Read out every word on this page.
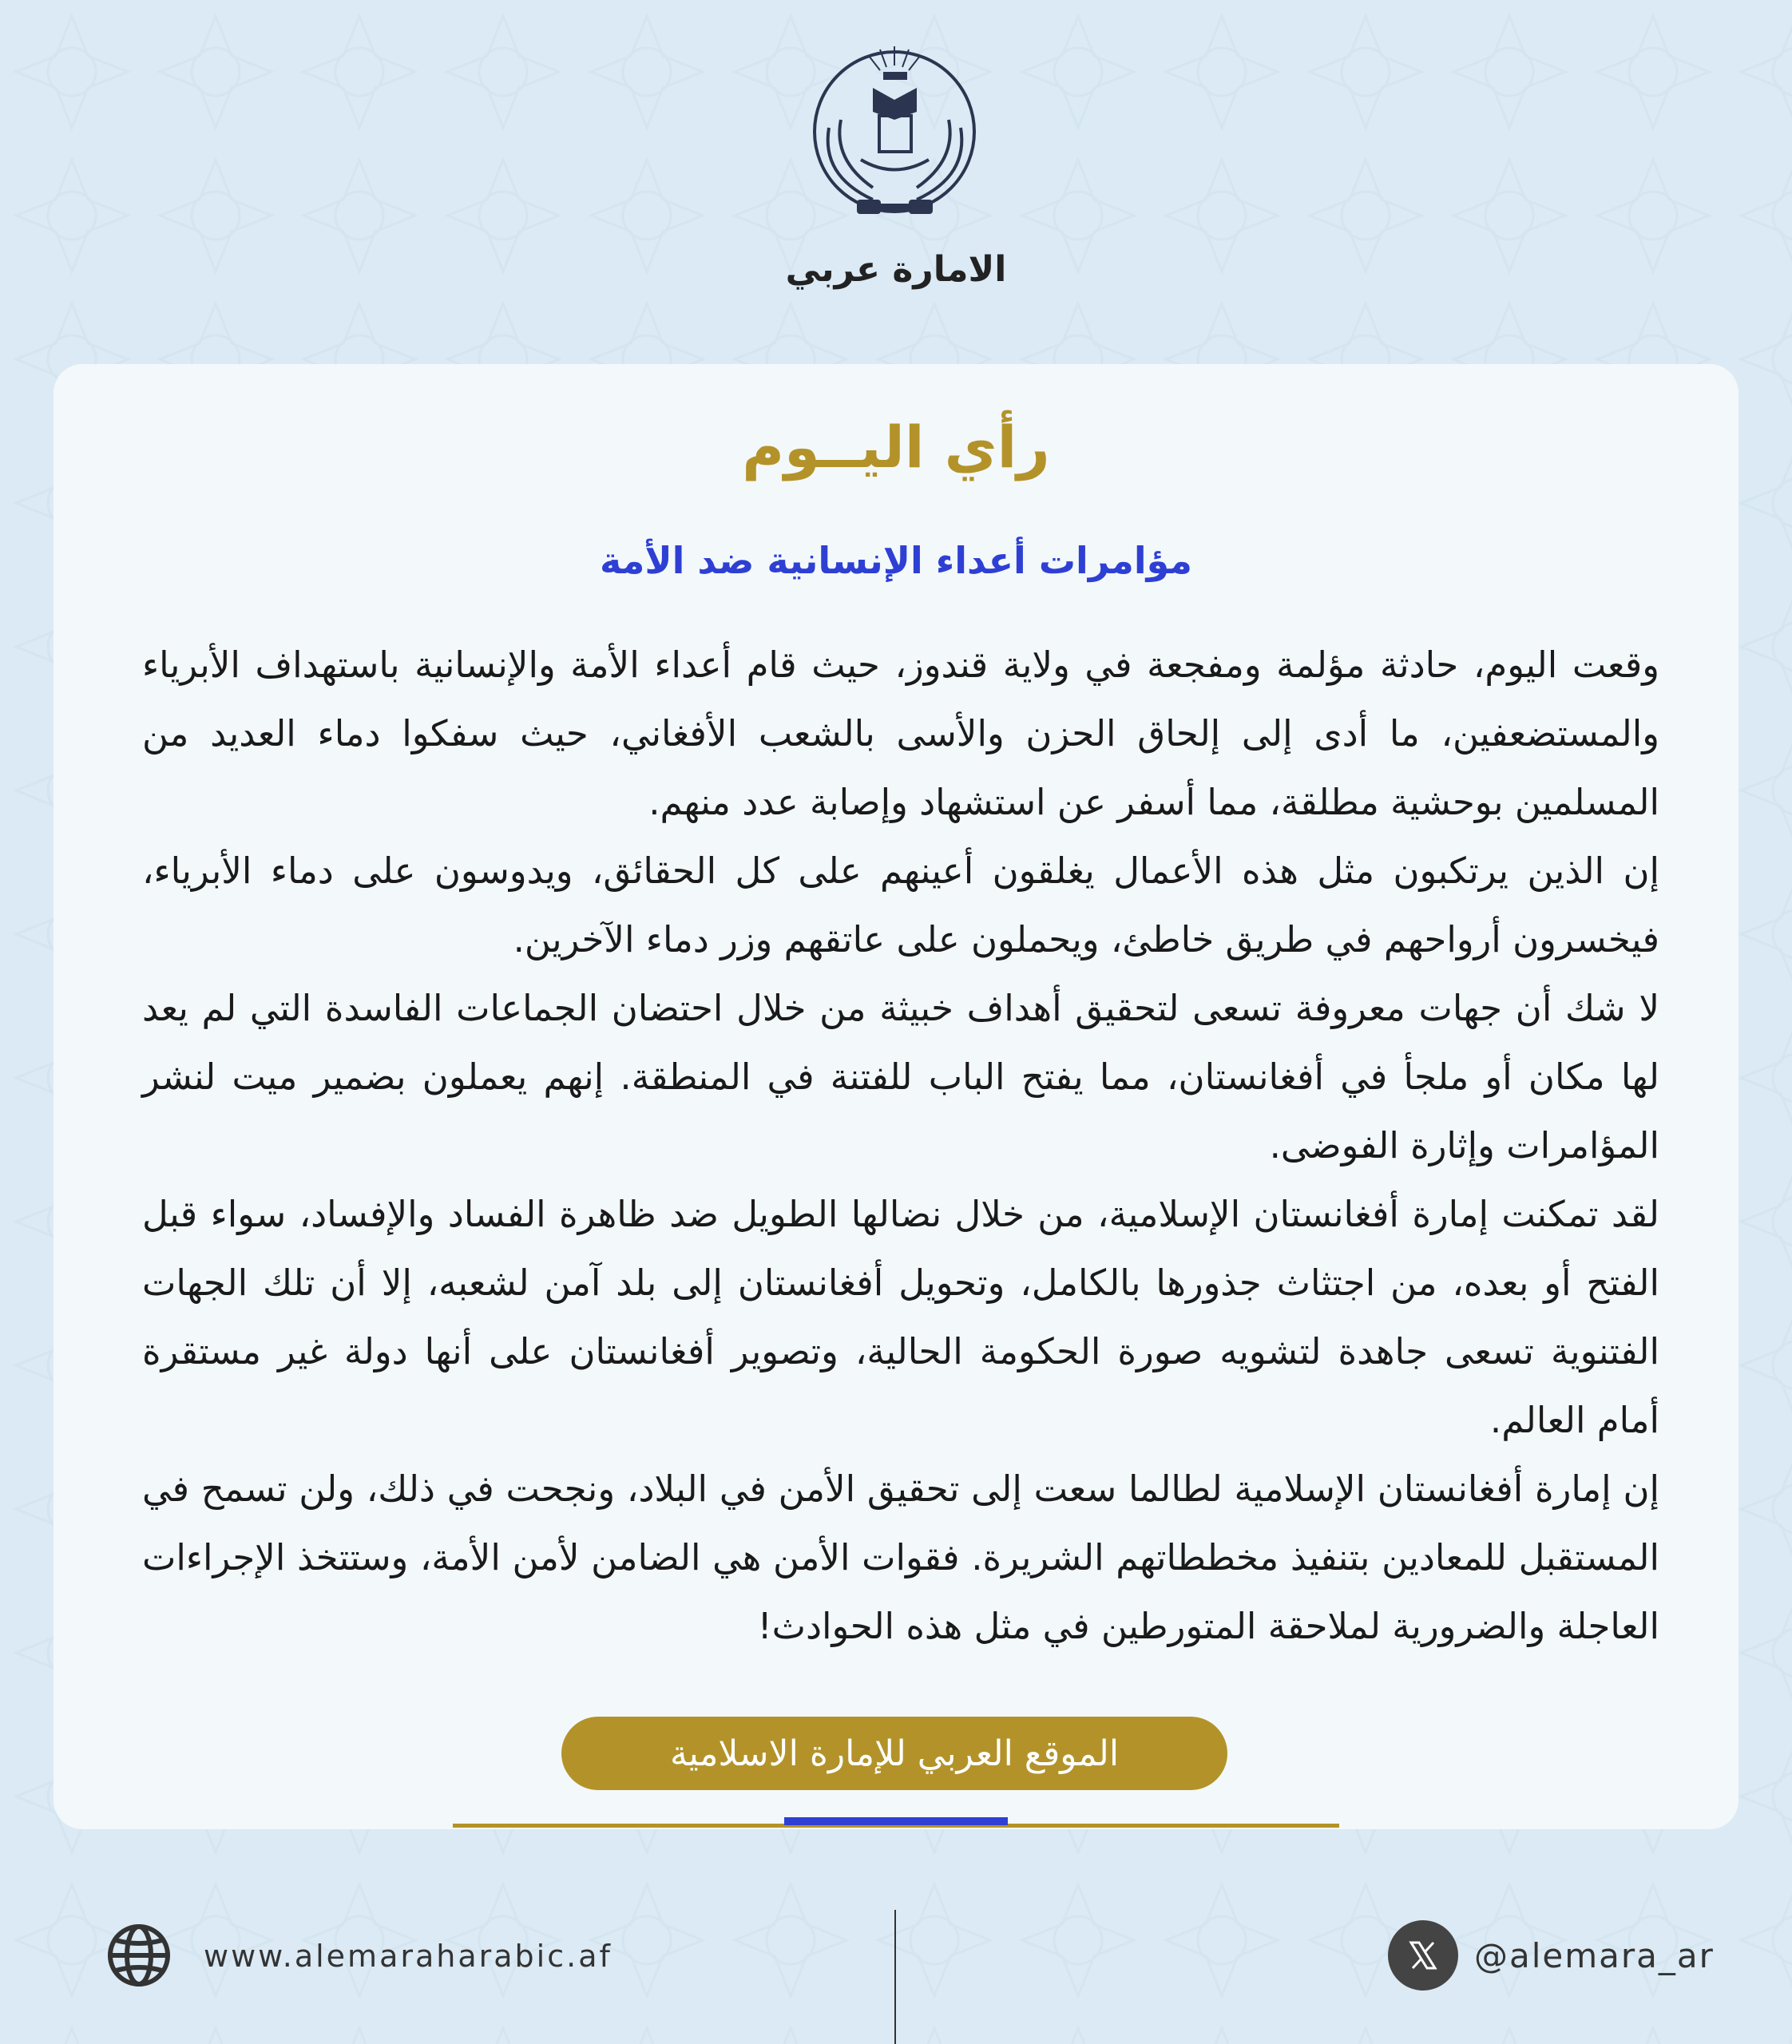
الامارة عربي
رأي اليــوم
مؤامرات أعداء الإنسانية ضد الأمة

وقعت اليوم، حادثة مؤلمة ومفجعة في ولاية قندوز، حيث قام أعداء الأمة والإنسانية باستهداف الأبرياء والمستضعفين، ما أدى إلى إلحاق الحزن والأسى بالشعب الأفغاني، حيث سفكوا دماء العديد من المسلمين بوحشية مطلقة، مما أسفر عن استشهاد وإصابة عدد منهم.

إن الذين يرتكبون مثل هذه الأعمال يغلقون أعينهم على كل الحقائق، ويدوسون على دماء الأبرياء، فيخسرون أرواحهم في طريق خاطئ، ويحملون على عاتقهم وزر دماء الآخرين.

لا شك أن جهات معروفة تسعى لتحقيق أهداف خبيثة من خلال احتضان الجماعات الفاسدة التي لم يعد لها مكان أو ملجأ في أفغانستان، مما يفتح الباب للفتنة في المنطقة. إنهم يعملون بضمير ميت لنشر المؤامرات وإثارة الفوضى.

لقد تمكنت إمارة أفغانستان الإسلامية، من خلال نضالها الطويل ضد ظاهرة الفساد والإفساد، سواء قبل الفتح أو بعده، من اجتثاث جذورها بالكامل، وتحويل أفغانستان إلى بلد آمن لشعبه، إلا أن تلك الجهات الفتنوية تسعى جاهدة لتشويه صورة الحكومة الحالية، وتصوير أفغانستان على أنها دولة غير مستقرة أمام العالم.

إن إمارة أفغانستان الإسلامية لطالما سعت إلى تحقيق الأمن في البلاد، ونجحت في ذلك، ولن تسمح في المستقبل للمعادين بتنفيذ مخططاتهم الشريرة. فقوات الأمن هي الضامن لأمن الأمة، وستتخذ الإجراءات العاجلة والضرورية لملاحقة المتورطين في مثل هذه الحوادث!

الموقع العربي للإمارة الاسلامية
www.alemaraharabic.af	@alemara_ar
